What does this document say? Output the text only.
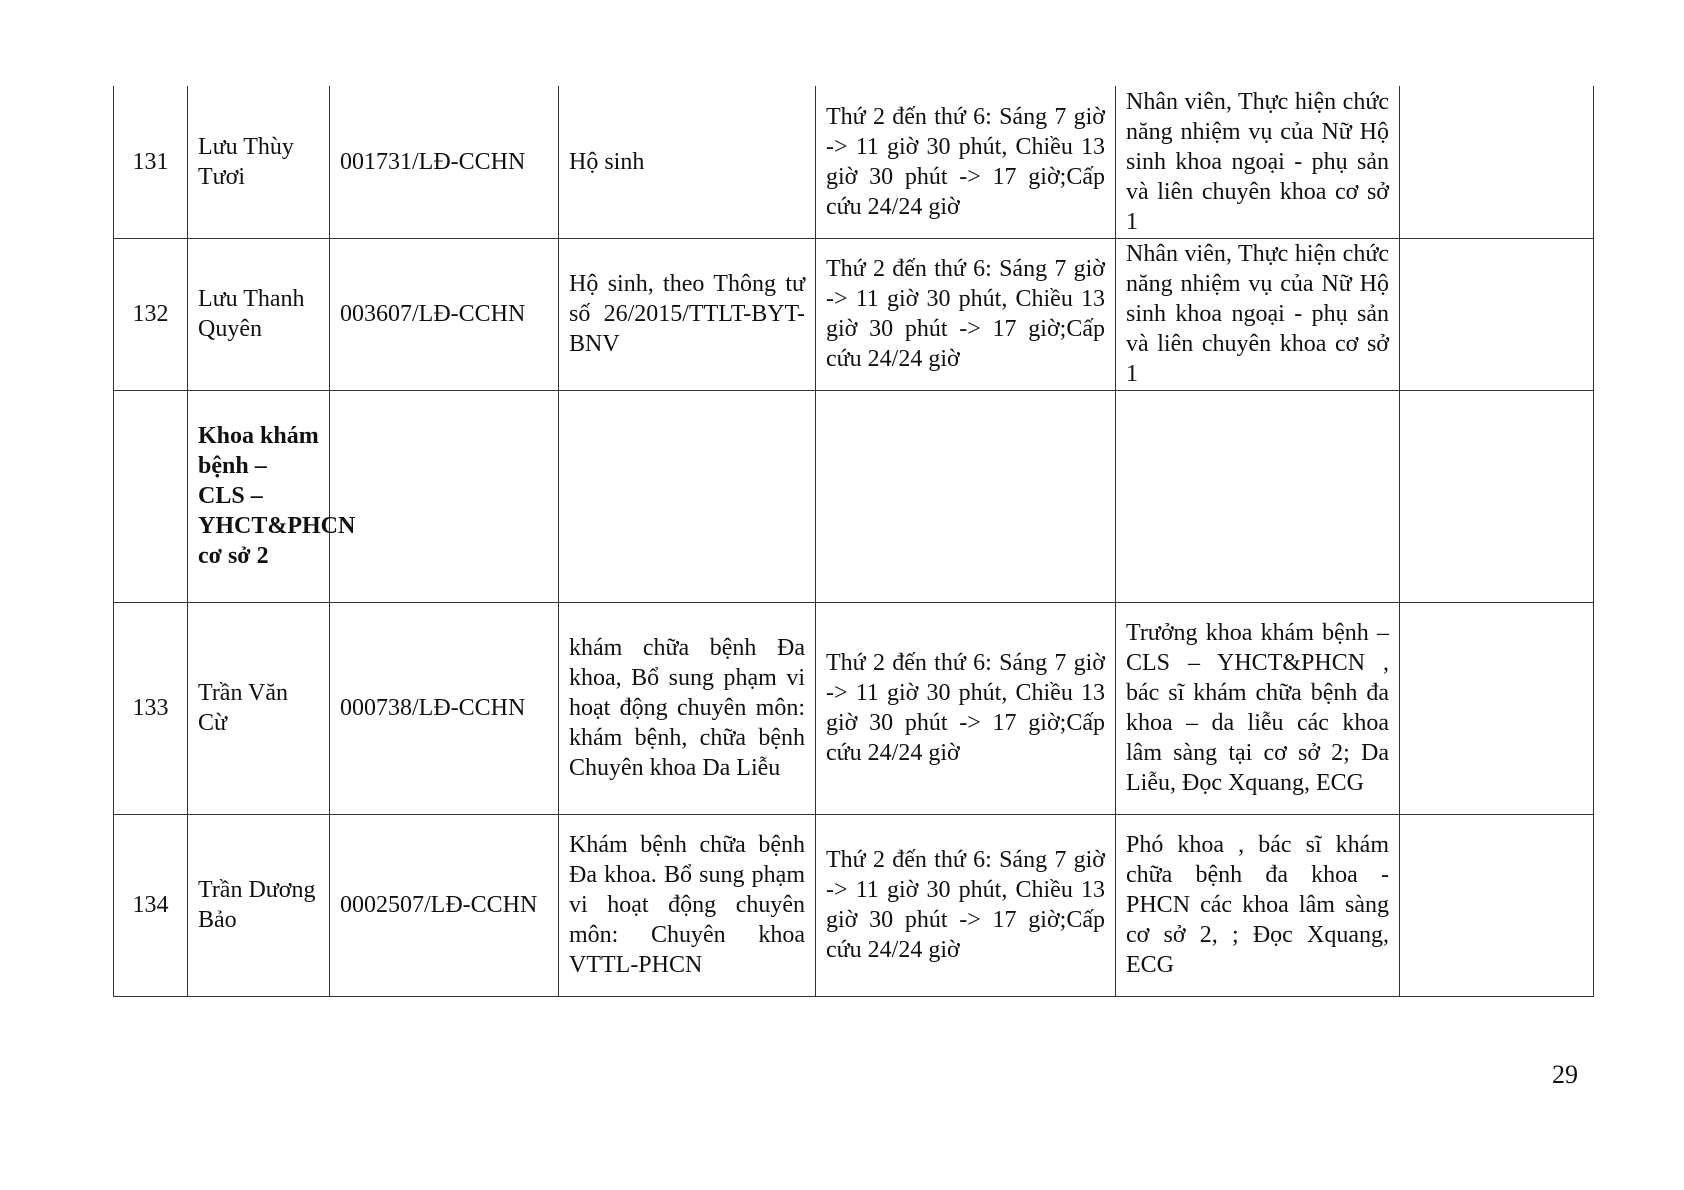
131	Lưu Thùy Tươi	001731/LĐ-CCHN	Hộ sinh	Thứ 2 đến thứ 6: Sáng 7 giờ -> 11 giờ 30 phút, Chiều 13 giờ 30 phút -> 17 giờ;Cấp cứu 24/24 giờ	Nhân viên, Thực hiện chức năng nhiệm vụ của Nữ Hộ sinh khoa ngoại - phụ sản và liên chuyên khoa cơ sở 1	
132	Lưu Thanh Quyên	003607/LĐ-CCHN	Hộ sinh, theo Thông tư số 26/2015/TTLT-BYT-BNV	Thứ 2 đến thứ 6: Sáng 7 giờ -> 11 giờ 30 phút, Chiều 13 giờ 30 phút -> 17 giờ;Cấp cứu 24/24 giờ	Nhân viên, Thực hiện chức năng nhiệm vụ của Nữ Hộ sinh khoa ngoại - phụ sản và liên chuyên khoa cơ sở 1	
	Khoa khám bệnh – CLS – YHCT&PHCN cơ sở 2					
133	Trần Văn Cừ	000738/LĐ-CCHN	khám chữa bệnh Đa khoa, Bổ sung phạm vi hoạt động chuyên môn: khám bệnh, chữa bệnh Chuyên khoa Da Liễu	Thứ 2 đến thứ 6: Sáng 7 giờ -> 11 giờ 30 phút, Chiều 13 giờ 30 phút -> 17 giờ;Cấp cứu 24/24 giờ	Trưởng khoa khám bệnh – CLS – YHCT&PHCN , bác sĩ khám chữa bệnh đa khoa – da liễu các khoa lâm sàng tại cơ sở 2; Da Liễu, Đọc Xquang, ECG	
134	Trần Dương Bảo	0002507/LĐ-CCHN	Khám bệnh chữa bệnh Đa khoa. Bổ sung phạm vi hoạt động chuyên môn: Chuyên khoa VTTL-PHCN	Thứ 2 đến thứ 6: Sáng 7 giờ -> 11 giờ 30 phút, Chiều 13 giờ 30 phút -> 17 giờ;Cấp cứu 24/24 giờ	Phó khoa , bác sĩ khám chữa bệnh đa khoa - PHCN các khoa lâm sàng cơ sở 2, ; Đọc Xquang, ECG	
29
